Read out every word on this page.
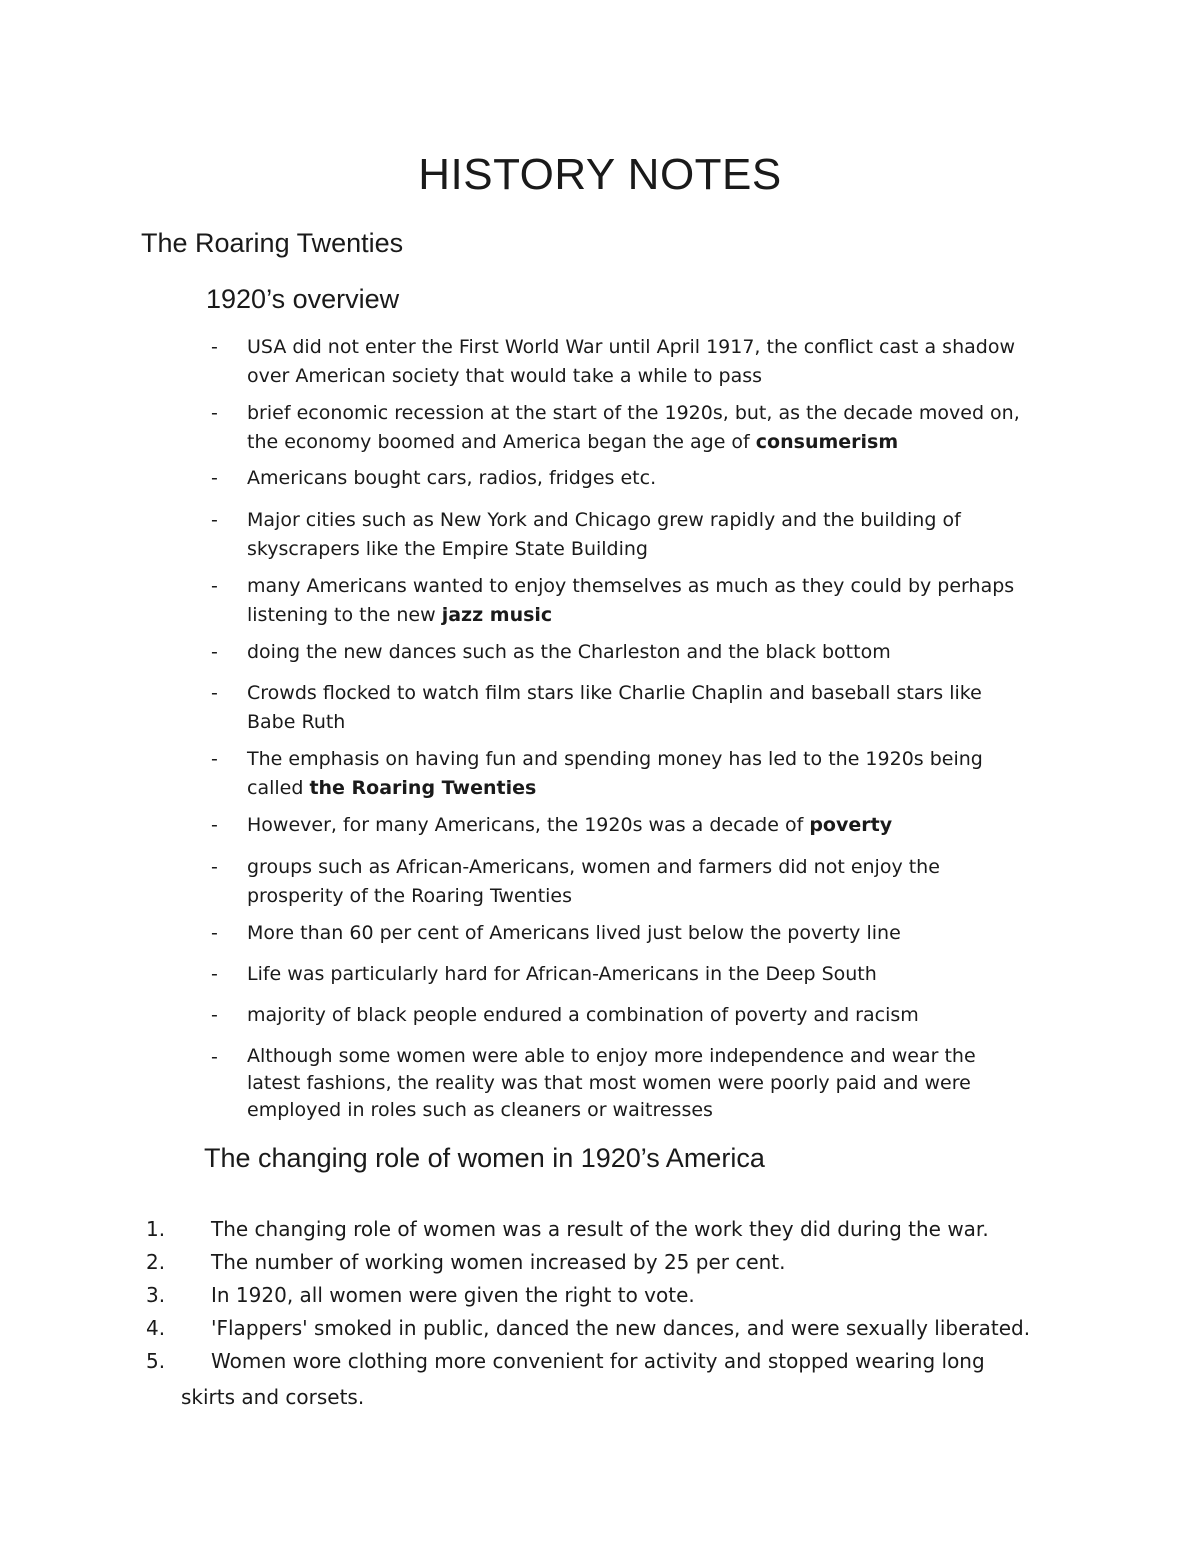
HISTORY NOTES
The Roaring Twenties
1920’s overview
- USA did not enter the First World War until April 1917, the conflict cast a shadow
over American society that would take a while to pass
- brief economic recession at the start of the 1920s, but, as the decade moved on,
the economy boomed and America began the age of consumerism
- Americans bought cars, radios, fridges etc.
- Major cities such as New York and Chicago grew rapidly and the building of
skyscrapers like the Empire State Building
- many Americans wanted to enjoy themselves as much as they could by perhaps
listening to the new jazz music
- doing the new dances such as the Charleston and the black bottom
- Crowds flocked to watch film stars like Charlie Chaplin and baseball stars like
Babe Ruth
- The emphasis on having fun and spending money has led to the 1920s being
called the Roaring Twenties
- However, for many Americans, the 1920s was a decade of poverty
- groups such as African-Americans, women and farmers did not enjoy the
prosperity of the Roaring Twenties
- More than 60 per cent of Americans lived just below the poverty line
- Life was particularly hard for African-Americans in the Deep South
- majority of black people endured a combination of poverty and racism
- Although some women were able to enjoy more independence and wear the
latest fashions, the reality was that most women were poorly paid and were
employed in roles such as cleaners or waitresses
The changing role of women in 1920’s America
1. The changing role of women was a result of the work they did during the war.
2. The number of working women increased by 25 per cent.
3. In 1920, all women were given the right to vote.
4. 'Flappers' smoked in public, danced the new dances, and were sexually liberated.
5. Women wore clothing more convenient for activity and stopped wearing long
skirts and corsets.
